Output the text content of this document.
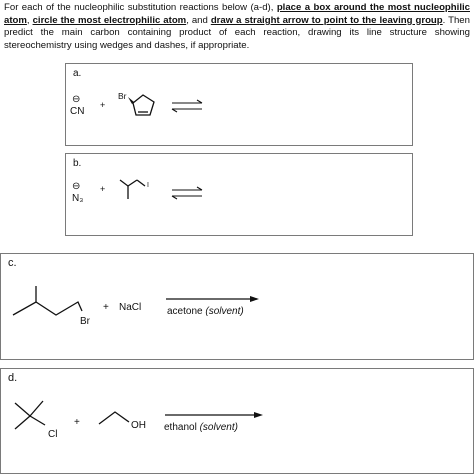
For each of the nucleophilic substitution reactions below (a-d), place a box around the most nucleophilic atom, circle the most electrophilic atom, and draw a straight arrow to point to the leaving group. Then predict the main carbon containing product of each reaction, drawing its line structure showing stereochemistry using wedges and dashes, if appropriate.
a.
⊖
CN
+
Br
b.
⊖
N₃
+	I
c.
Br
+ NaCl	acetone (solvent)
d.
Cl
+	OH ethanol (solvent)
